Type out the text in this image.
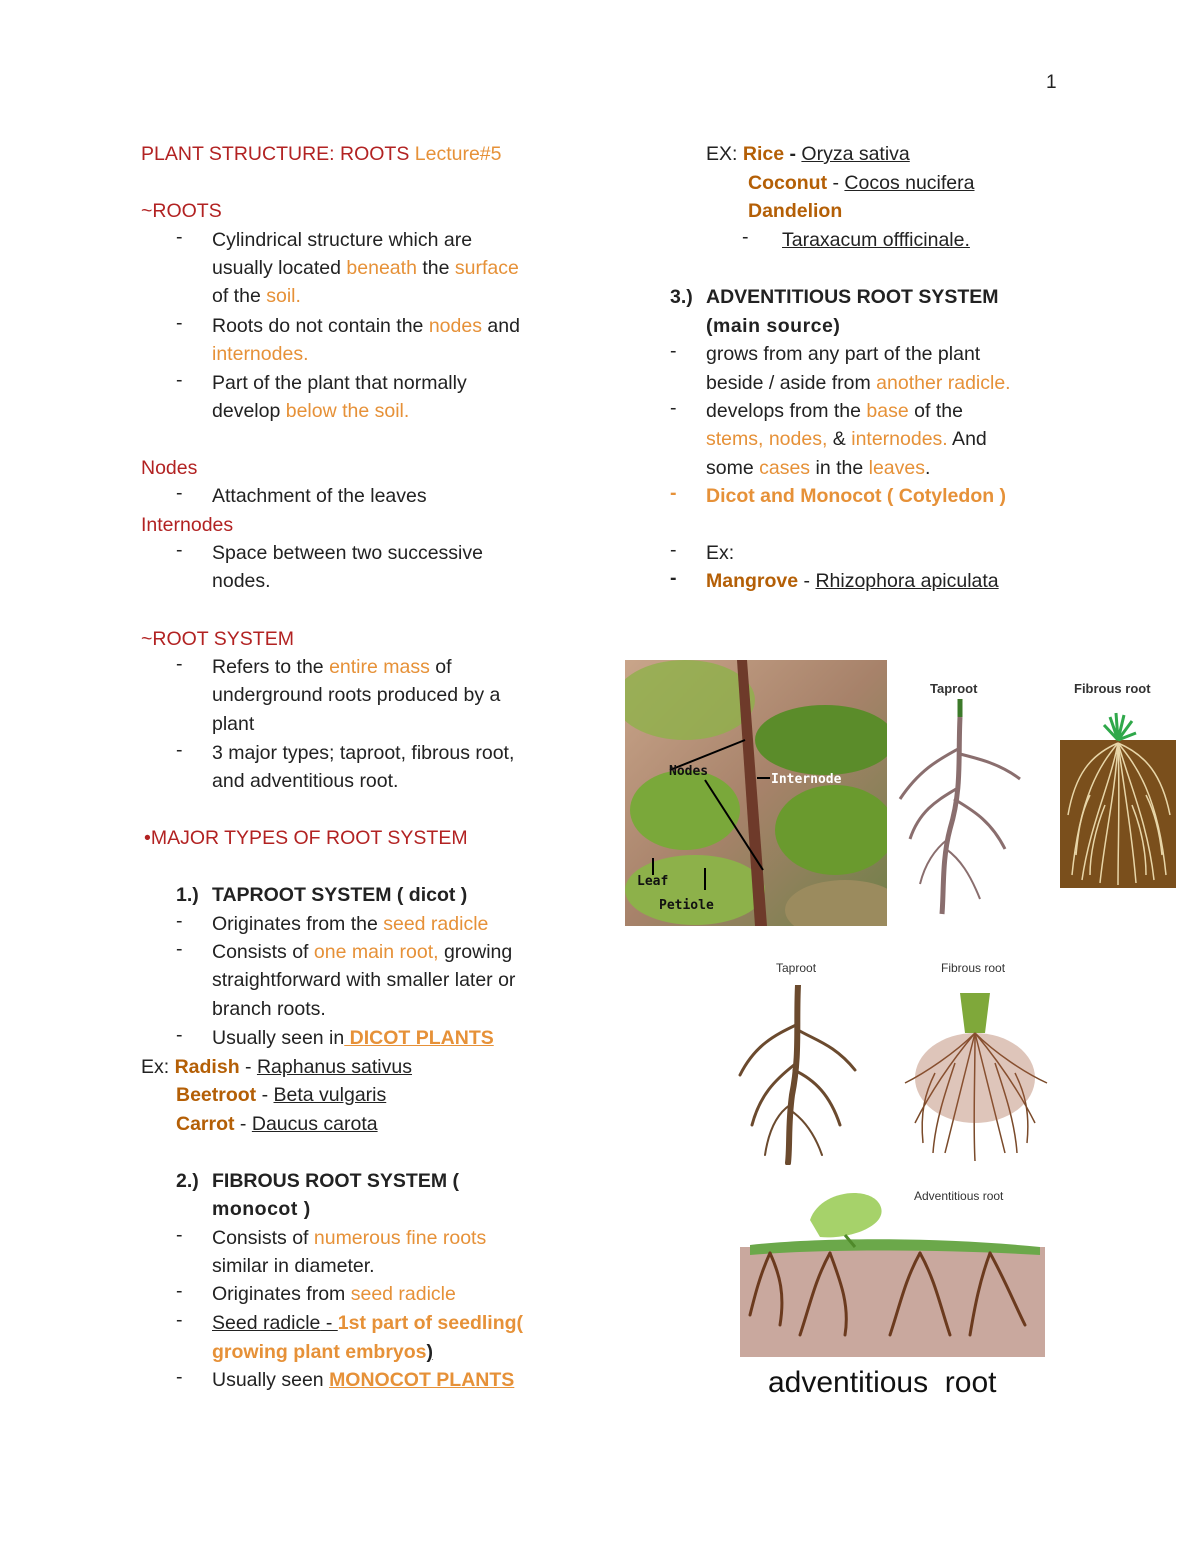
1
PLANT STRUCTURE: ROOTS Lecture#5
~ROOTS
- Cylindrical structure which are
usually located beneath the surface
of the soil.
- Roots do not contain the nodes and
internodes.
- Part of the plant that normally
develop below the soil.
Nodes
- Attachment of the leaves
Internodes
- Space between two successive
nodes.
~ROOT SYSTEM
- Refers to the entire mass of
underground roots produced by a
plant
- 3 major types; taproot, fibrous root,
and adventitious root.
•MAJOR TYPES OF ROOT SYSTEM
1.) TAPROOT SYSTEM ( dicot )
- Originates from the seed radicle
- Consists of one main root, growing
straightforward with smaller later or
branch roots.
- Usually seen in DICOT PLANTS
Ex: Radish - Raphanus sativus
Beetroot - Beta vulgaris
Carrot - Daucus carota
2.) FIBROUS ROOT SYSTEM (
monocot )
- Consists of numerous fine roots
similar in diameter.
- Originates from seed radicle
- Seed radicle - 1st part of seedling(
growing plant embryos)
- Usually seen MONOCOT PLANTS
EX: Rice - Oryza sativa
Coconut - Cocos nucifera
Dandelion
- Taraxacum offficinale.
3.) ADVENTITIOUS ROOT SYSTEM
(main source)
- grows from any part of the plant
beside / aside from another radicle.
- develops from the base of the
stems, nodes, & internodes. And
some cases in the leaves.
- Dicot and Monocot ( Cotyledon )
- Ex:
- Mangrove - Rhizophora apiculata
Nodes
Internode
Leaf
Petiole
Taproot	Fibrous root
Taproot	Fibrous root
Adventitious root
adventitious  root
